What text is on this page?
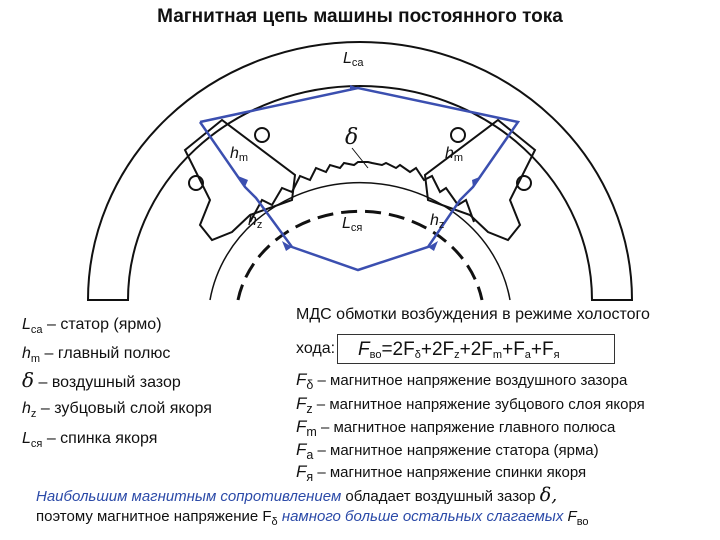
Магнитная цепь машины постоянного тока
$L_{ca}$
$h_m$
δ
$h_m$
$h_z$	$L_{cя}$	$h_z$
$L_{ca}$ – статор (ярмо)
$h_m$ – главный полюс
δ – воздушный зазор
$h_z$ – зубцовый слой якоря
$L_{cя}$ – спинка якоря
МДС обмотки возбуждения в режиме холостого
хода:	$F_{во}=2F_\delta+2F_z+2F_m+F_a+F_я$
$F_\delta$ – магнитное напряжение воздушного зазора
$F_z$ – магнитное напряжение зубцового слоя якоря
$F_m$ – магнитное напряжение главного полюса
$F_a$ – магнитное напряжение статора (ярма)
$F_я$ – магнитное напряжение спинки якоря
Наибольшим магнитным сопротивлением обладает воздушный зазор δ,
поэтому магнитное напряжение $F_\delta$ намного больше остальных слагаемых $F_{во}$
